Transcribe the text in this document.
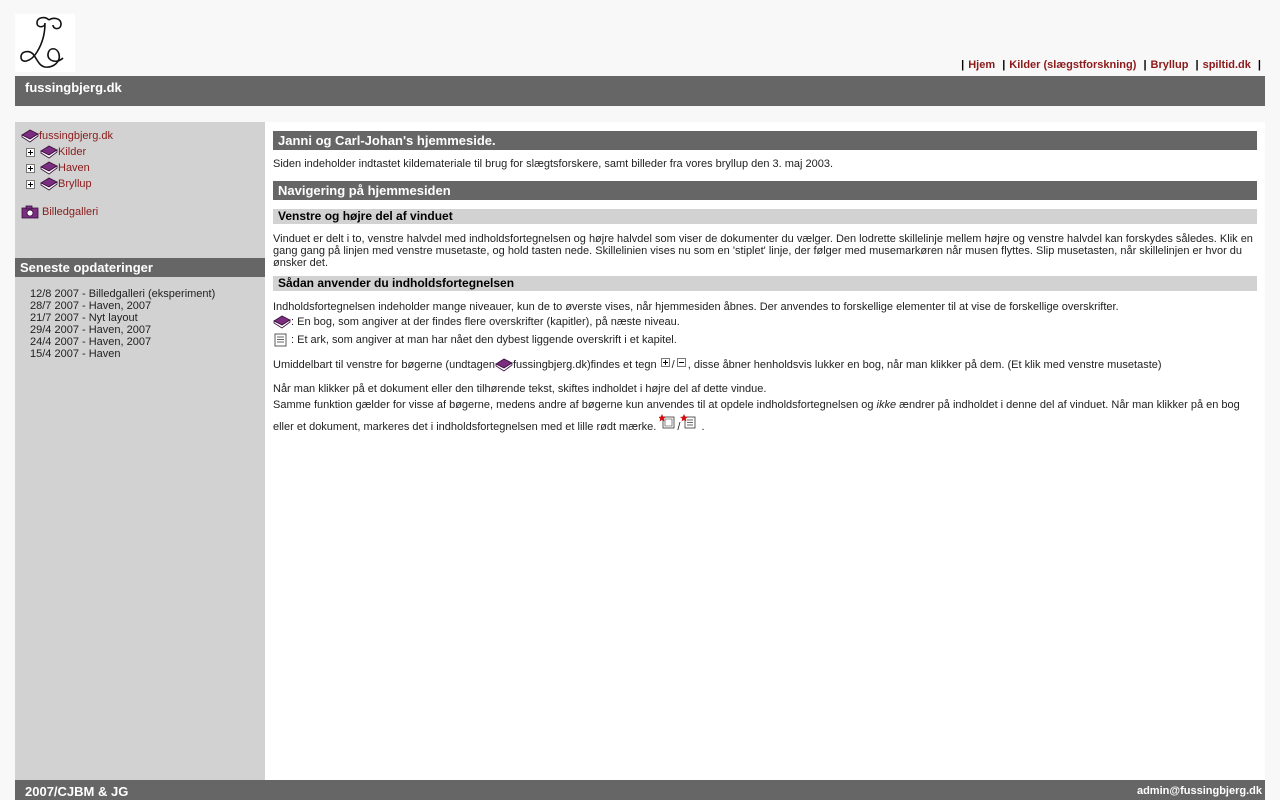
| Hjem | Kilder (slægstforskning) | Bryllup | spiltid.dk |
fussingbjerg.dk
fussingbjerg.dk
Kilder
Haven
Bryllup
Billedgalleri
Seneste opdateringer
12/8 2007 - Billedgalleri (eksperiment)
28/7 2007 - Haven, 2007
21/7 2007 - Nyt layout
29/4 2007 - Haven, 2007
24/4 2007 - Haven, 2007
15/4 2007 - Haven
Janni og Carl-Johan's hjemmeside.

Siden indeholder indtastet kildemateriale til brug for slægtsforskere, samt billeder fra vores bryllup den 3. maj 2003.

Navigering på hjemmesiden
Venstre og højre del af vinduet

Vinduet er delt i to, venstre halvdel med indholdsfortegnelsen og højre halvdel som viser de dokumenter du vælger. Den lodrette skillelinje mellem højre og venstre halvdel kan forskydes således. Klik en gang gang på linjen med venstre musetaste, og hold tasten nede. Skillelinien vises nu som en 'stiplet' linje, der følger med musemarkøren når musen flyttes. Slip musetasten, når skillelinjen er hvor du ønsker det.

Sådan anvender du indholdsfortegnelsen

Indholdsfortegnelsen indeholder mange niveauer, kun de to øverste vises, når hjemmesiden åbnes. Der anvendes to forskellige elementer til at vise de forskellige overskrifter.

: En bog, som angiver at der findes flere overskrifter (kapitler), på næste niveau.
: Et ark, som angiver at man har nået den dybest liggende overskrift i et kapitel.
Umiddelbart til venstre for bøgerne (undtagen fussingbjerg.dk)findes et tegn / , disse åbner henholdsvis lukker en bog, når man klikker på dem. (Et klik med venstre musetaste)

Når man klikker på et dokument eller den tilhørende tekst, skiftes indholdet i højre del af dette vindue.

Samme funktion gælder for visse af bøgerne, medens andre af bøgerne kun anvendes til at opdele indholdsfortegnelsen og ikke ændrer på indholdet i denne del af vinduet. Når man klikker på en bog eller et dokument, markeres det i indholdsfortegnelsen med et lille rødt mærke. / .

2007/CJBM & JG	admin@fussingbjerg.dk
